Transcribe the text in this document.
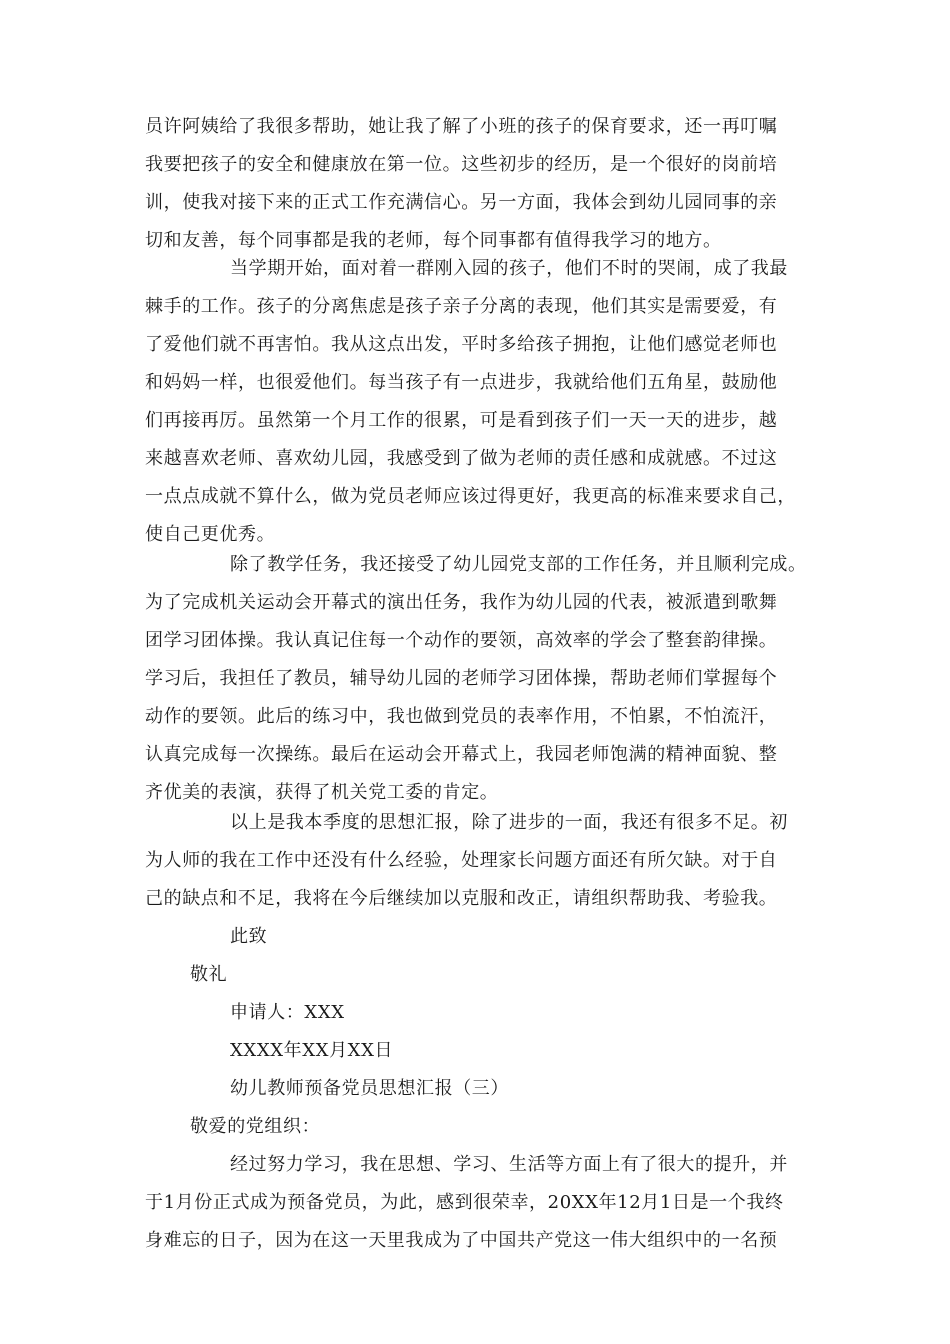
员许阿姨给了我很多帮助，她让我了解了小班的孩子的保育要求，还一再叮嘱
我要把孩子的安全和健康放在第一位。这些初步的经历，是一个很好的岗前培
训，使我对接下来的正式工作充满信心。另一方面，我体会到幼儿园同事的亲
切和友善，每个同事都是我的老师，每个同事都有值得我学习的地方。
当学期开始，面对着一群刚入园的孩子，他们不时的哭闹，成了我最
棘手的工作。孩子的分离焦虑是孩子亲子分离的表现，他们其实是需要爱，有
了爱他们就不再害怕。我从这点出发，平时多给孩子拥抱，让他们感觉老师也
和妈妈一样，也很爱他们。每当孩子有一点进步，我就给他们五角星，鼓励他
们再接再厉。虽然第一个月工作的很累，可是看到孩子们一天一天的进步，越
来越喜欢老师、喜欢幼儿园，我感受到了做为老师的责任感和成就感。不过这
一点点成就不算什么，做为党员老师应该过得更好，我更高的标准来要求自己，
使自己更优秀。
除了教学任务，我还接受了幼儿园党支部的工作任务，并且顺利完成。
为了完成机关运动会开幕式的演出任务，我作为幼儿园的代表，被派遣到歌舞
团学习团体操。我认真记住每一个动作的要领，高效率的学会了整套韵律操。
学习后，我担任了教员，辅导幼儿园的老师学习团体操，帮助老师们掌握每个
动作的要领。此后的练习中，我也做到党员的表率作用，不怕累，不怕流汗，
认真完成每一次操练。最后在运动会开幕式上，我园老师饱满的精神面貌、整
齐优美的表演，获得了机关党工委的肯定。
以上是我本季度的思想汇报，除了进步的一面，我还有很多不足。初
为人师的我在工作中还没有什么经验，处理家长问题方面还有所欠缺。对于自
己的缺点和不足，我将在今后继续加以克服和改正，请组织帮助我、考验我。
此致
敬礼
申请人：XXX
XXXX年XX月XX日
幼儿教师预备党员思想汇报（三）
敬爱的党组织：
经过努力学习，我在思想、学习、生活等方面上有了很大的提升，并
于1月份正式成为预备党员，为此，感到很荣幸，20XX年12月1日是一个我终
身难忘的日子，因为在这一天里我成为了中国共产党这一伟大组织中的一名预
